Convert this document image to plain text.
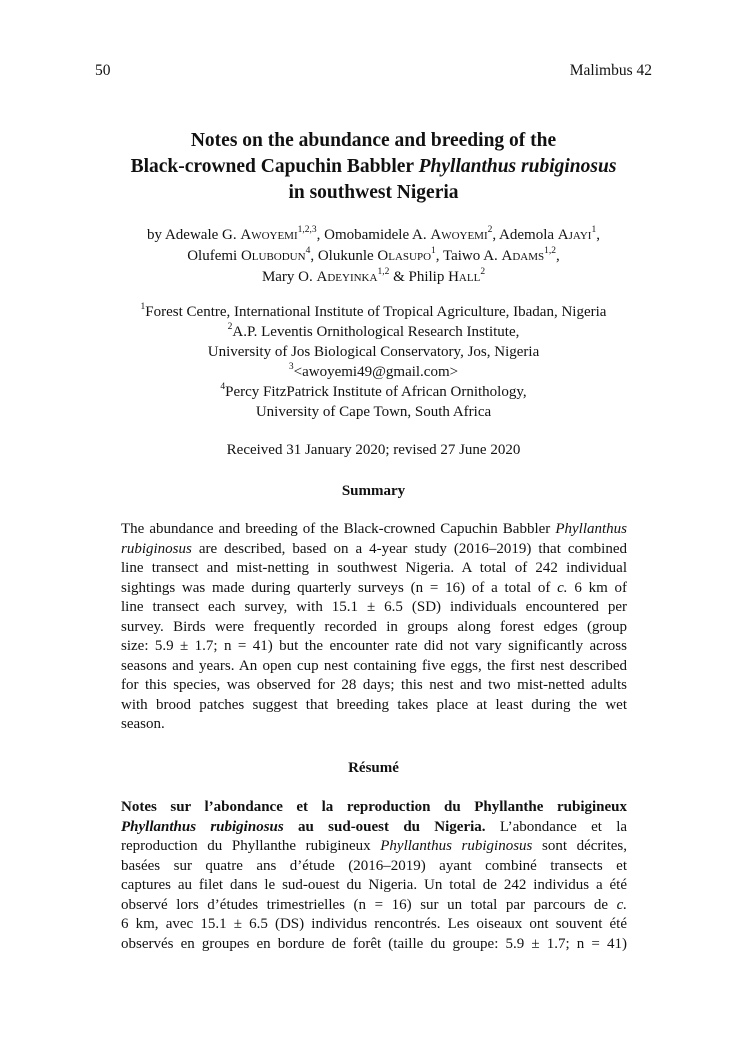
50	Malimbus 42
Notes on the abundance and breeding of the
Black-crowned Capuchin Babbler Phyllanthus rubiginosus
in southwest Nigeria
by Adewale G. Awoyemi$^{1,2,3}$, Omobamidele A. Awoyemi$^2$, Ademola Ajayi$^1$,
Olufemi Olubodun$^4$, Olukunle Olasupo$^1$, Taiwo A. Adams$^{1,2}$,
Mary O. Adeyinka$^{1,2}$ & Philip Hall$^2$
$^1$Forest Centre, International Institute of Tropical Agriculture, Ibadan, Nigeria
$^2$A.P. Leventis Ornithological Research Institute,
University of Jos Biological Conservatory, Jos, Nigeria
$^3$<awoyemi49@gmail.com>
$^4$Percy FitzPatrick Institute of African Ornithology,
University of Cape Town, South Africa
Received 31 January 2020; revised 27 June 2020
Summary
The abundance and breeding of the Black-crowned Capuchin Babbler Phyllanthus
rubiginosus are described, based on a 4-year study (2016–2019) that combined
line transect and mist-netting in southwest Nigeria. A total of 242 individual
sightings was made during quarterly surveys (n = 16) of a total of c. 6 km of
line transect each survey, with 15.1 ± 6.5 (SD) individuals encountered per
survey. Birds were frequently recorded in groups along forest edges (group
size: 5.9 ± 1.7; n = 41) but the encounter rate did not vary significantly across
seasons and years. An open cup nest containing five eggs, the first nest described
for this species, was observed for 28 days; this nest and two mist-netted adults
with brood patches suggest that breeding takes place at least during the wet
season.
Résumé
Notes sur l’abondance et la reproduction du Phyllanthe rubigineux
Phyllanthus rubiginosus au sud-ouest du Nigeria. L’abondance et la
reproduction du Phyllanthe rubigineux Phyllanthus rubiginosus sont décrites,
basées sur quatre ans d’étude (2016–2019) ayant combiné transects et
captures au filet dans le sud-ouest du Nigeria. Un total de 242 individus a été
observé lors d’études trimestrielles (n = 16) sur un total par parcours de c.
6 km, avec 15.1 ± 6.5 (DS) individus rencontrés. Les oiseaux ont souvent été
observés en groupes en bordure de forêt (taille du groupe: 5.9 ± 1.7; n = 41)
